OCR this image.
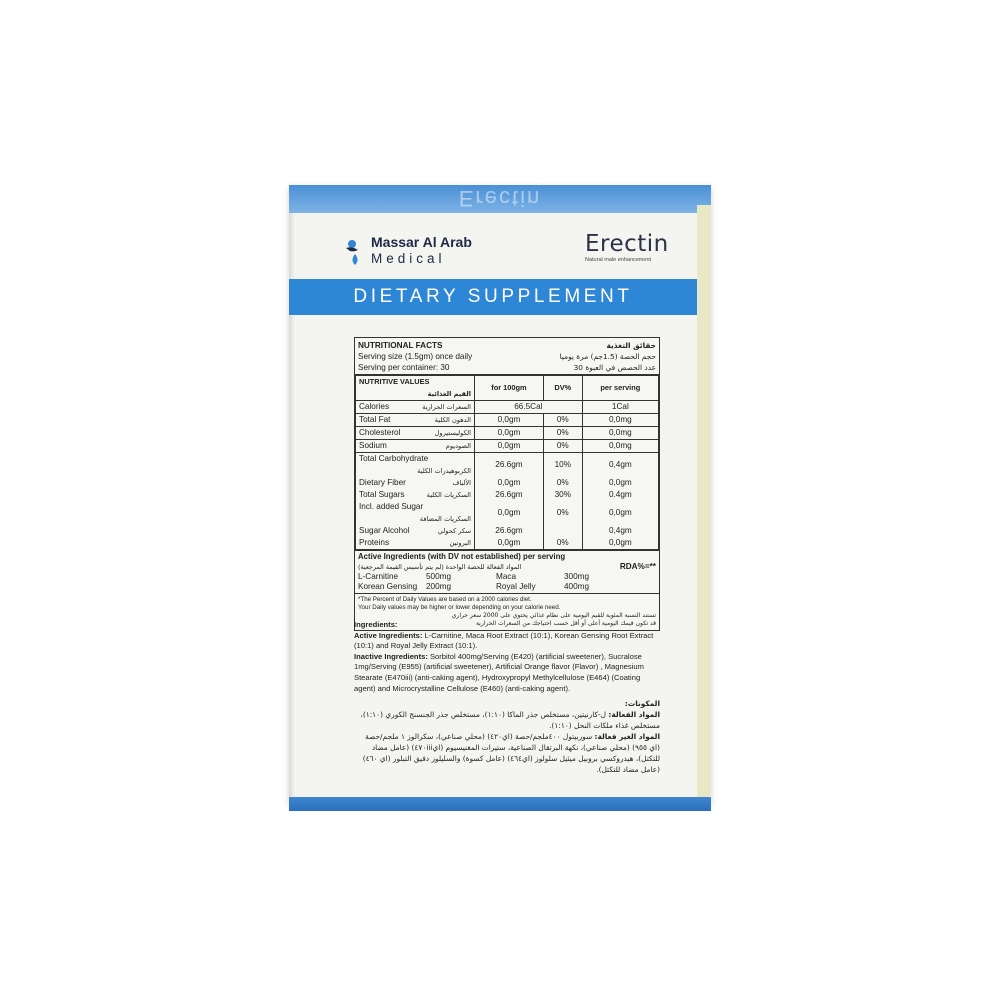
Erectin
Massar Al Arab
Medical
Erectin
Natural male enhancement
DIETARY SUPPLEMENT
NUTRITIONAL FACTS	حقائق التغذية
Serving size (1.5gm) once daily	حجم الحصة (1.5جم) مرة يوميا
Serving per container: 30	عدد الحصص في العبوة 30
NUTRITIVE VALUES
القيم الغذائية	for 100gm	DV%	per serving

Calories السعرات الحرارية	66.5Cal		1Cal

Total Fat الدهون الكلية	0,0gm	0%	0,0mg

Cholesterol الكوليستيرول	0,0gm	0%	0,0mg

Sodium الصوديوم	0,0gm	0%	0,0mg

Total Carbohydrate
الكربوهيدرات الكلية	26.6gm	10%	0,4gm

Dietary Fiber الألياف	0,0gm	0%	0,0gm

Total Sugars السكريات الكلية	26.6gm	30%	0.4gm

Incl. added Sugar
السكريات المضافة	0,0gm	0%	0,0gm

Sugar Alcohol سكر كحولي	26.6gm		0,4gm

Proteins البروتين	0,0gm	0%	0,0gm
Active Ingredients (with DV not established) per serving
المواد الفعالة للحصة الواحدة (لم يتم تأسيس القيمة المرجعية)	RDA%=**
L-Carnitine	500mg	Maca	300mg
Korean Gensing	200mg	Royal Jelly	400mg
*The Percent of Daily Values are based on a 2000 calories diet.
Your Daily values may be higher or lower depending on your calorie need.
تستند النسبة المئوية للقيم اليومية على نظام غذائي يحتوي على 2000 سعر حراري
قد تكون قيمك اليومية أعلى أو أقل حسب احتياجك من السعرات الحرارية
Ingredients:
Active Ingredients: L-Carnitine, Maca Root Extract (10:1), Korean Gensing Root Extract (10:1) and Royal Jelly Extract (10:1).
Inactive Ingredients: Sorbitol 400mg/Serving (E420) (artificial sweetener), Sucralose 1mg/Serving (E955) (artificial sweetener), Artificial Orange flavor (Flavor) , Magnesium Stearate (E470iii) (anti-caking agent), Hydroxypropyl Methylcellulose (E464) (Coating agent) and Microcrystalline Cellulose (E460) (anti-caking agent).
المكونات:
المواد الفعالة: ل-كارنيتين، مستخلص جذر الماكا (١:١٠)، مستخلص جذر الجنسنج الكوري (١:١٠)، مستخلص غذاء ملكات النحل (١:١٠).
المواد الغير فعالة: سوربيتول ٤٠٠ملجم/حصة (اي٤٢٠) (محلي صناعي)، سكرالوز ١ ملجم/حصة (اي ٩٥٥) (محلي صناعي)، نكهة البرتقال الصناعية، ستيرات المغنيسيوم (اي٤٧٠iii) (عامل مضاد للتكتل)، هيدروكسي بروبيل ميثيل سلولوز (اي٤٦٤) (عامل كسوة) والسليلوز دقيق التبلور (اي ٤٦٠) (عامل مضاد للتكتل).
